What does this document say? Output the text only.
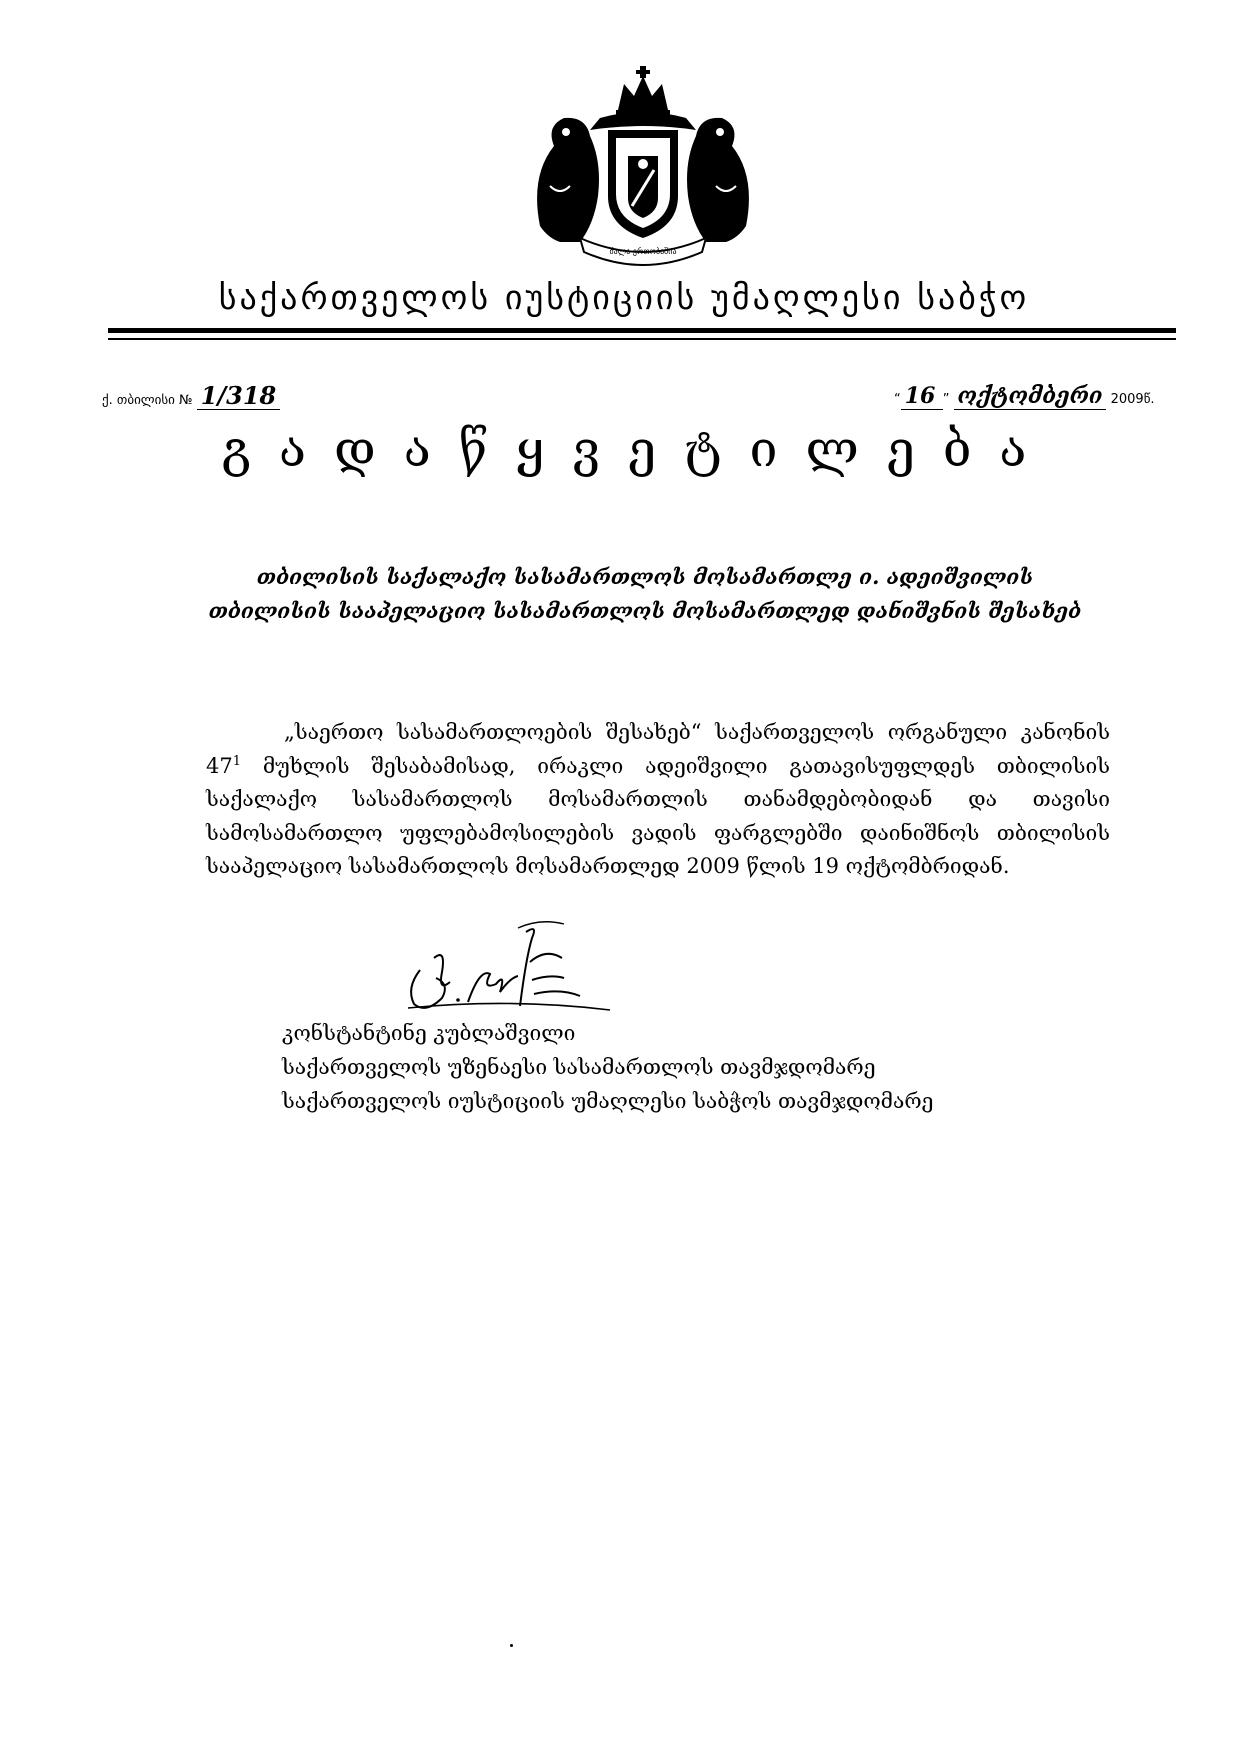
ძალა ერთობაშია
საქართველოს იუსტიციის უმაღლესი საბჭო
ქ. თბილისი № 1/318	“ 16 ” ოქტომბერი 2009წ.
გადაწყვეტილება
თბილისის საქალაქო სასამართლოს მოსამართლე ი. ადეიშვილის თბილისის სააპელაციო სასამართლოს მოსამართლედ დანიშვნის შესახებ
„საერთო სასამართლოების შესახებ“ საქართველოს ორგანული კანონის $47^1$ მუხლის შესაბამისად, ირაკლი ადეიშვილი გათავისუფლდეს თბილისის საქალაქო სასამართლოს მოსამართლის თანამდებობიდან და თავისი სამოსამართლო უფლებამოსილების ვადის ფარგლებში დაინიშნოს თბილისის სააპელაციო სასამართლოს მოსამართლედ 2009 წლის 19 ოქტომბრიდან.
კონსტანტინე კუბლაშვილი
საქართველოს უზენაესი სასამართლოს თავმჯდომარე
საქართველოს იუსტიციის უმაღლესი საბჭოს თავმჯდომარე
